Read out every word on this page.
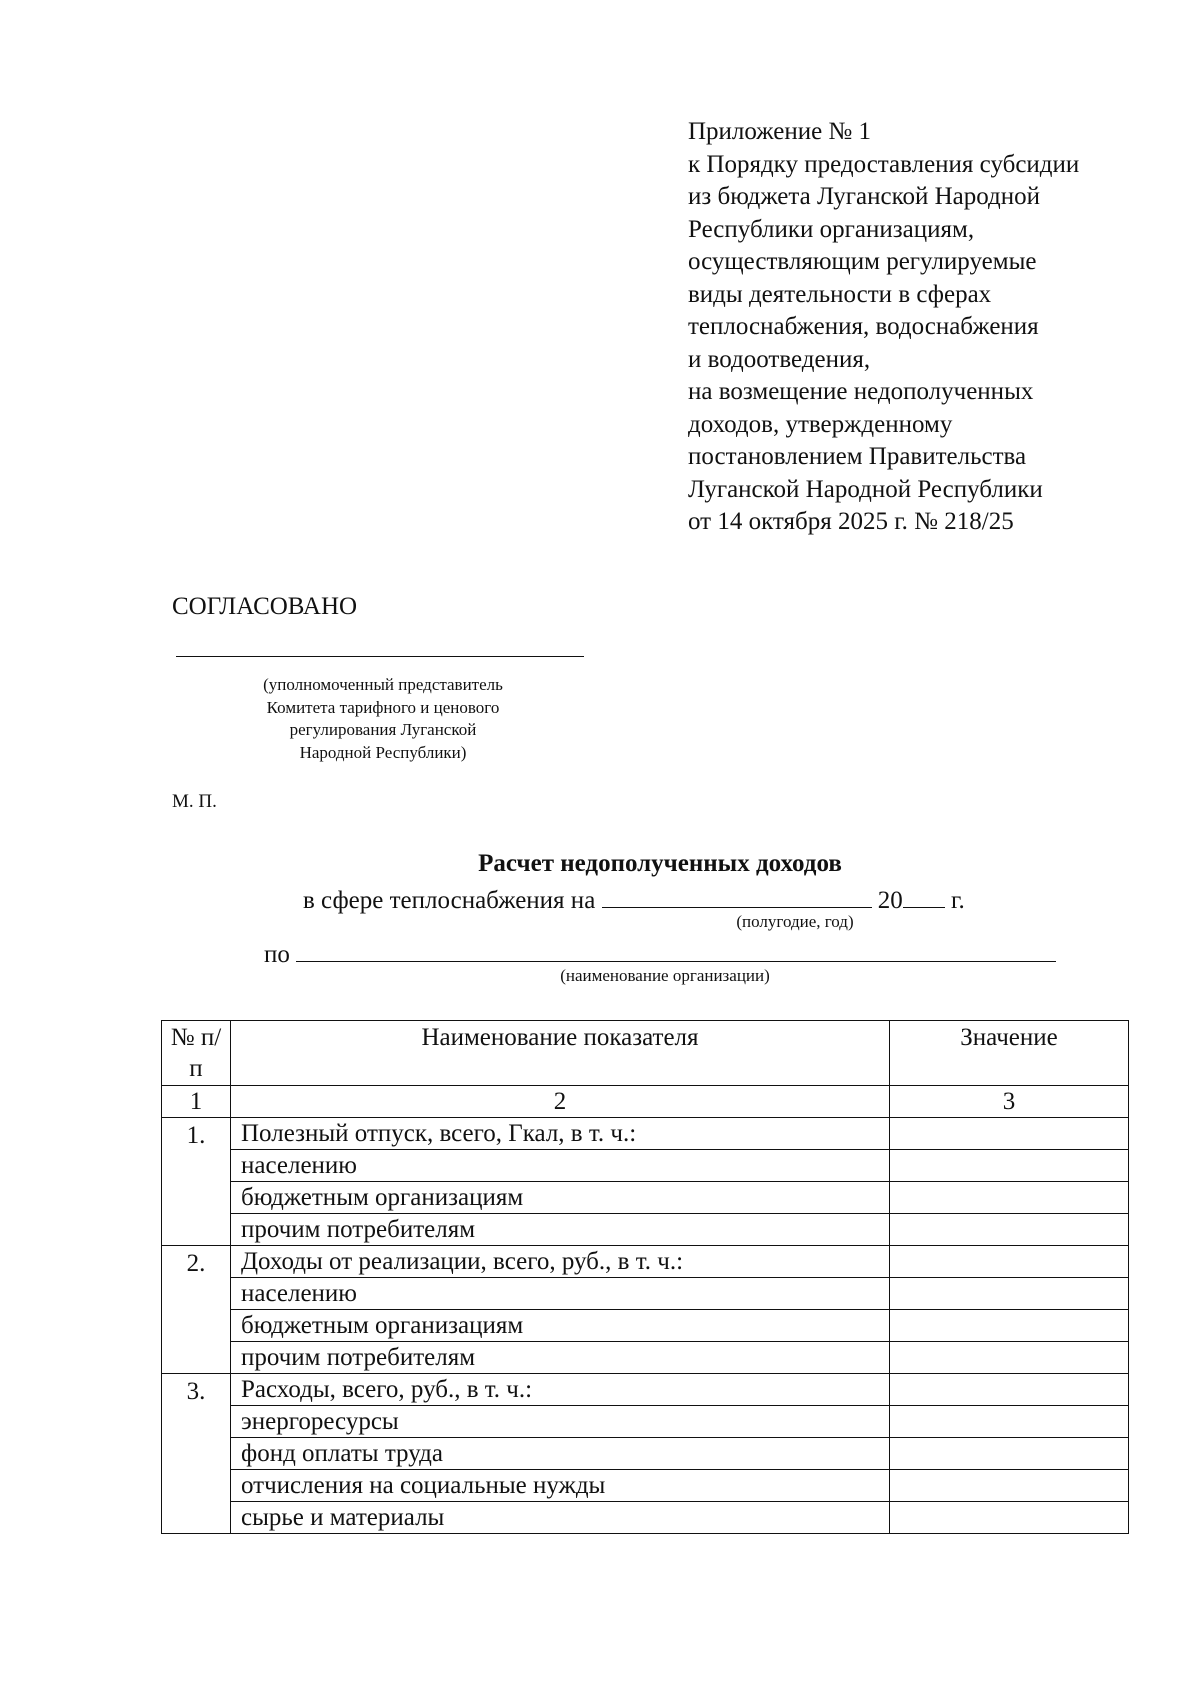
Приложение № 1
к Порядку предоставления субсидии
из бюджета Луганской Народной
Республики организациям,
осуществляющим регулируемые
виды деятельности в сферах
теплоснабжения, водоснабжения
и водоотведения,
на возмещение недополученных
доходов, утвержденному
постановлением Правительства
Луганской Народной Республики
от 14 октября 2025 г. № 218/25
СОГЛАСОВАНО
(уполномоченный представитель
Комитета тарифного и ценового
регулирования Луганской
Народной Республики)
М. П.
Расчет недополученных доходов
в сфере теплоснабжения на	20 г.
(полугодие, год)
по
(наименование организации)
№ п/п	Наименование показателя	Значение
1	2	3
1.	Полезный отпуск, всего, Гкал, в т. ч.:	
	населению	
	бюджетным организациям	
	прочим потребителям	
2.	Доходы от реализации, всего, руб., в т. ч.:	
	населению	
	бюджетным организациям	
	прочим потребителям	
3.	Расходы, всего, руб., в т. ч.:	
	энергоресурсы	
	фонд оплаты труда	
	отчисления на социальные нужды	
	сырье и материалы	
